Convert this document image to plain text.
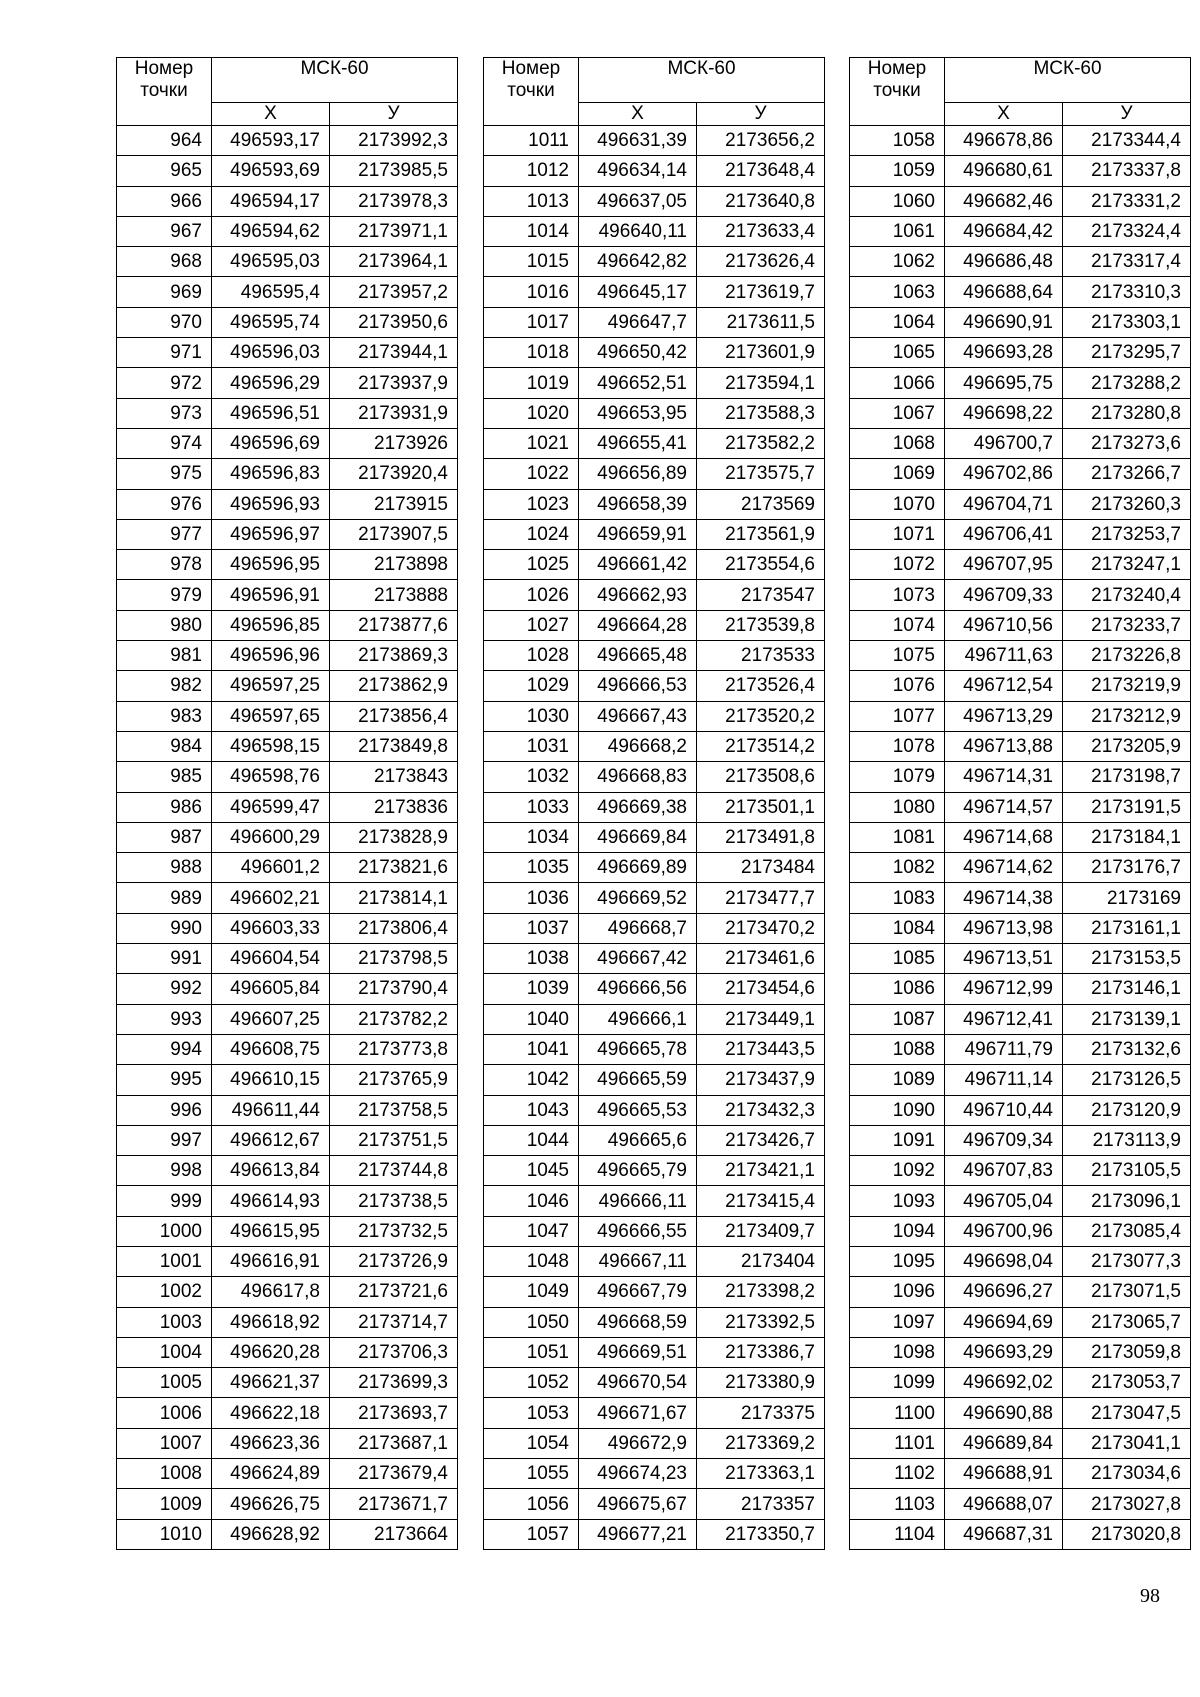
Номер точки	МСК-60	
	X	У
964	496593,17	2173992,3
965	496593,69	2173985,5
966	496594,17	2173978,3
967	496594,62	2173971,1
968	496595,03	2173964,1
969	496595,4	2173957,2
970	496595,74	2173950,6
971	496596,03	2173944,1
972	496596,29	2173937,9
973	496596,51	2173931,9
974	496596,69	2173926
975	496596,83	2173920,4
976	496596,93	2173915
977	496596,97	2173907,5
978	496596,95	2173898
979	496596,91	2173888
980	496596,85	2173877,6
981	496596,96	2173869,3
982	496597,25	2173862,9
983	496597,65	2173856,4
984	496598,15	2173849,8
985	496598,76	2173843
986	496599,47	2173836
987	496600,29	2173828,9
988	496601,2	2173821,6
989	496602,21	2173814,1
990	496603,33	2173806,4
991	496604,54	2173798,5
992	496605,84	2173790,4
993	496607,25	2173782,2
994	496608,75	2173773,8
995	496610,15	2173765,9
996	496611,44	2173758,5
997	496612,67	2173751,5
998	496613,84	2173744,8
999	496614,93	2173738,5
1000	496615,95	2173732,5
1001	496616,91	2173726,9
1002	496617,8	2173721,6
1003	496618,92	2173714,7
1004	496620,28	2173706,3
1005	496621,37	2173699,3
1006	496622,18	2173693,7
1007	496623,36	2173687,1
1008	496624,89	2173679,4
1009	496626,75	2173671,7
1010	496628,92	2173664
Номер точки	МСК-60	
	X	У
1011	496631,39	2173656,2
1012	496634,14	2173648,4
1013	496637,05	2173640,8
1014	496640,11	2173633,4
1015	496642,82	2173626,4
1016	496645,17	2173619,7
1017	496647,7	2173611,5
1018	496650,42	2173601,9
1019	496652,51	2173594,1
1020	496653,95	2173588,3
1021	496655,41	2173582,2
1022	496656,89	2173575,7
1023	496658,39	2173569
1024	496659,91	2173561,9
1025	496661,42	2173554,6
1026	496662,93	2173547
1027	496664,28	2173539,8
1028	496665,48	2173533
1029	496666,53	2173526,4
1030	496667,43	2173520,2
1031	496668,2	2173514,2
1032	496668,83	2173508,6
1033	496669,38	2173501,1
1034	496669,84	2173491,8
1035	496669,89	2173484
1036	496669,52	2173477,7
1037	496668,7	2173470,2
1038	496667,42	2173461,6
1039	496666,56	2173454,6
1040	496666,1	2173449,1
1041	496665,78	2173443,5
1042	496665,59	2173437,9
1043	496665,53	2173432,3
1044	496665,6	2173426,7
1045	496665,79	2173421,1
1046	496666,11	2173415,4
1047	496666,55	2173409,7
1048	496667,11	2173404
1049	496667,79	2173398,2
1050	496668,59	2173392,5
1051	496669,51	2173386,7
1052	496670,54	2173380,9
1053	496671,67	2173375
1054	496672,9	2173369,2
1055	496674,23	2173363,1
1056	496675,67	2173357
1057	496677,21	2173350,7
Номер точки	МСК-60	
	X	У
1058	496678,86	2173344,4
1059	496680,61	2173337,8
1060	496682,46	2173331,2
1061	496684,42	2173324,4
1062	496686,48	2173317,4
1063	496688,64	2173310,3
1064	496690,91	2173303,1
1065	496693,28	2173295,7
1066	496695,75	2173288,2
1067	496698,22	2173280,8
1068	496700,7	2173273,6
1069	496702,86	2173266,7
1070	496704,71	2173260,3
1071	496706,41	2173253,7
1072	496707,95	2173247,1
1073	496709,33	2173240,4
1074	496710,56	2173233,7
1075	496711,63	2173226,8
1076	496712,54	2173219,9
1077	496713,29	2173212,9
1078	496713,88	2173205,9
1079	496714,31	2173198,7
1080	496714,57	2173191,5
1081	496714,68	2173184,1
1082	496714,62	2173176,7
1083	496714,38	2173169
1084	496713,98	2173161,1
1085	496713,51	2173153,5
1086	496712,99	2173146,1
1087	496712,41	2173139,1
1088	496711,79	2173132,6
1089	496711,14	2173126,5
1090	496710,44	2173120,9
1091	496709,34	2173113,9
1092	496707,83	2173105,5
1093	496705,04	2173096,1
1094	496700,96	2173085,4
1095	496698,04	2173077,3
1096	496696,27	2173071,5
1097	496694,69	2173065,7
1098	496693,29	2173059,8
1099	496692,02	2173053,7
1100	496690,88	2173047,5
1101	496689,84	2173041,1
1102	496688,91	2173034,6
1103	496688,07	2173027,8
1104	496687,31	2173020,8
98
